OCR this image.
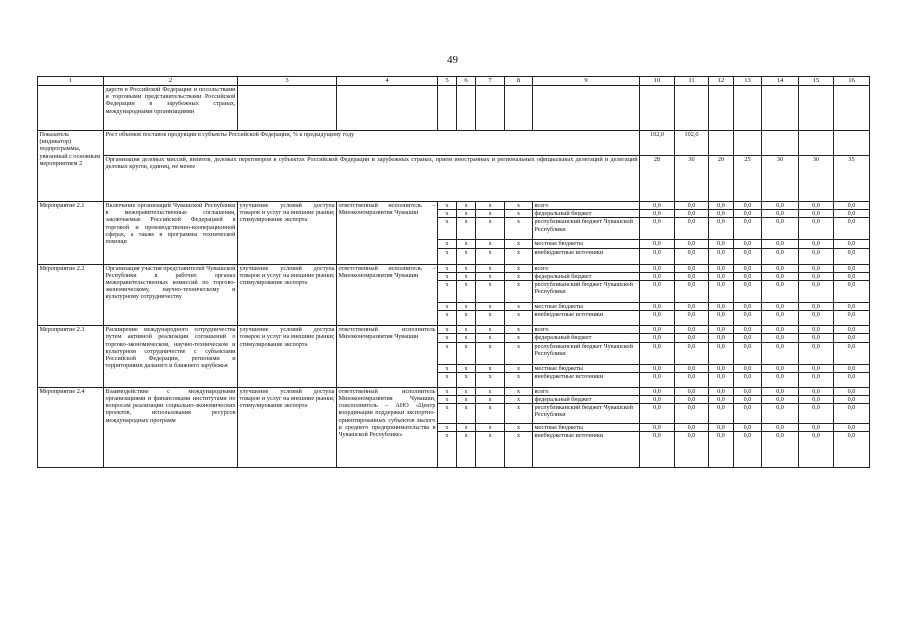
49
1	2	3	4	5	6	7	8	9	10	11	12	13	14	15	16
	дарств в Российской Федерации и посольствами и торговыми представительствами Российской Федерации в зарубежных странах, международными организациями														
Показатель (индикатор) подпрограммы, увязанный с основным мероприятием 2	Рост объемов поставок продукции в субъекты Российской Федерации, % к предыдущему году								102,0	102,0					
	Организация деловых миссий, визитов, деловых переговоров в субъектах Российской Федерации и зарубежных странах, прием иностранных и региональных официальных делегаций и делегаций деловых кругов, единиц, не менее								28	30	20	25	30	30	35
Мероприятие 2.1	Включение организаций Чувашской Республики в межправительственные соглашения, заключаемые Российской Федерацией в торговой и производственно-кооперационной сферах, а также в программы технической помощи	улучшение условий доступа товаров и услуг на внешние рынки; стимулирование экспорта	ответственный исполнитель – Минэкономразвития Чувашии	x	x	x	x	всего	0,0	0,0	0,0	0,0	0,0	0,0	0,0
				x	x	x	x	федеральный бюджет	0,0	0,0	0,0	0,0	0,0	0,0	0,0
				x	x	x	x	республиканский бюджет Чувашской Республики	0,0	0,0	0,0	0,0	0,0	0,0	0,0
				x	x	x	x	местные бюджеты	0,0	0,0	0,0	0,0	0,0	0,0	0,0
				x	x	x	x	внебюджетные источники	0,0	0,0	0,0	0,0	0,0	0,0	0,0
Мероприятие 2.2	Организация участия представителей Чувашской Республики в рабочих органах межправительственных комиссий по торгово-экономическому, научно-техническому и культурному сотрудничеству	улучшение условий доступа товаров и услуг на внешние рынки; стимулирование экспорта	ответственный исполнитель – Минэкономразвития Чувашии	x	x	x	x	всего	0,0	0,0	0,0	0,0	0,0	0,0	0,0
				x	x	x	x	федеральный бюджет	0,0	0,0	0,0	0,0	0,0	0,0	0,0
				x	x	x	x	республиканский бюджет Чувашской Республики	0,0	0,0	0,0	0,0	0,0	0,0	0,0
				x	x	x	x	местные бюджеты	0,0	0,0	0,0	0,0	0,0	0,0	0,0
				x	x	x	x	внебюджетные источники	0,0	0,0	0,0	0,0	0,0	0,0	0,0
Мероприятие 2.3	Расширение международного сотрудничества путем активной реализации соглашений о торгово-экономическом, научно-техническом и культурном сотрудничестве с субъектами Российской Федерации, регионами и территориями дальнего и ближнего зарубежья	улучшение условий доступа товаров и услуг на внешние рынки; стимулирование экспорта	ответственный исполнитель Минэкономразвития Чувашии	x	x	x	x	всего	0,0	0,0	0,0	0,0	0,0	0,0	0,0
				x	x	x	x	федеральный бюджет	0,0	0,0	0,0	0,0	0,0	0,0	0,0
				x	x	x	x	республиканский бюджет Чувашской Республики	0,0	0,0	0,0	0,0	0,0	0,0	0,0
				x	x	x	x	местные бюджеты	0,0	0,0	0,0	0,0	0,0	0,0	0,0
				x	x	x	x	внебюджетные источники	0,0	0,0	0,0	0,0	0,0	0,0	0,0
Мероприятие 2.4	Взаимодействие с международными организациями и финансовыми институтами по вопросам реализации социально-экономических проектов, использования ресурсов международных программ	улучшение условий доступа товаров и услуг на внешние рынки; стимулирование экспорта	ответственный исполнитель Минэкономразвития Чувашии, соисполнитель – АНО «Центр координации поддержки экспортно-ориентированных субъектов малого и среднего предпринимательства в Чувашской Республике»	x	x	x	x	всего	0,0	0,0	0,0	0,0	0,0	0,0	0,0
				x	x	x	x	федеральный бюджет	0,0	0,0	0,0	0,0	0,0	0,0	0,0
				x	x	x	x	республиканский бюджет Чувашской Республики	0,0	0,0	0,0	0,0	0,0	0,0	0,0
				x	x	x	x	местные бюджеты	0,0	0,0	0,0	0,0	0,0	0,0	0,0
				x	x	x	x	внебюджетные источники	0,0	0,0	0,0	0,0	0,0	0,0	0,0
